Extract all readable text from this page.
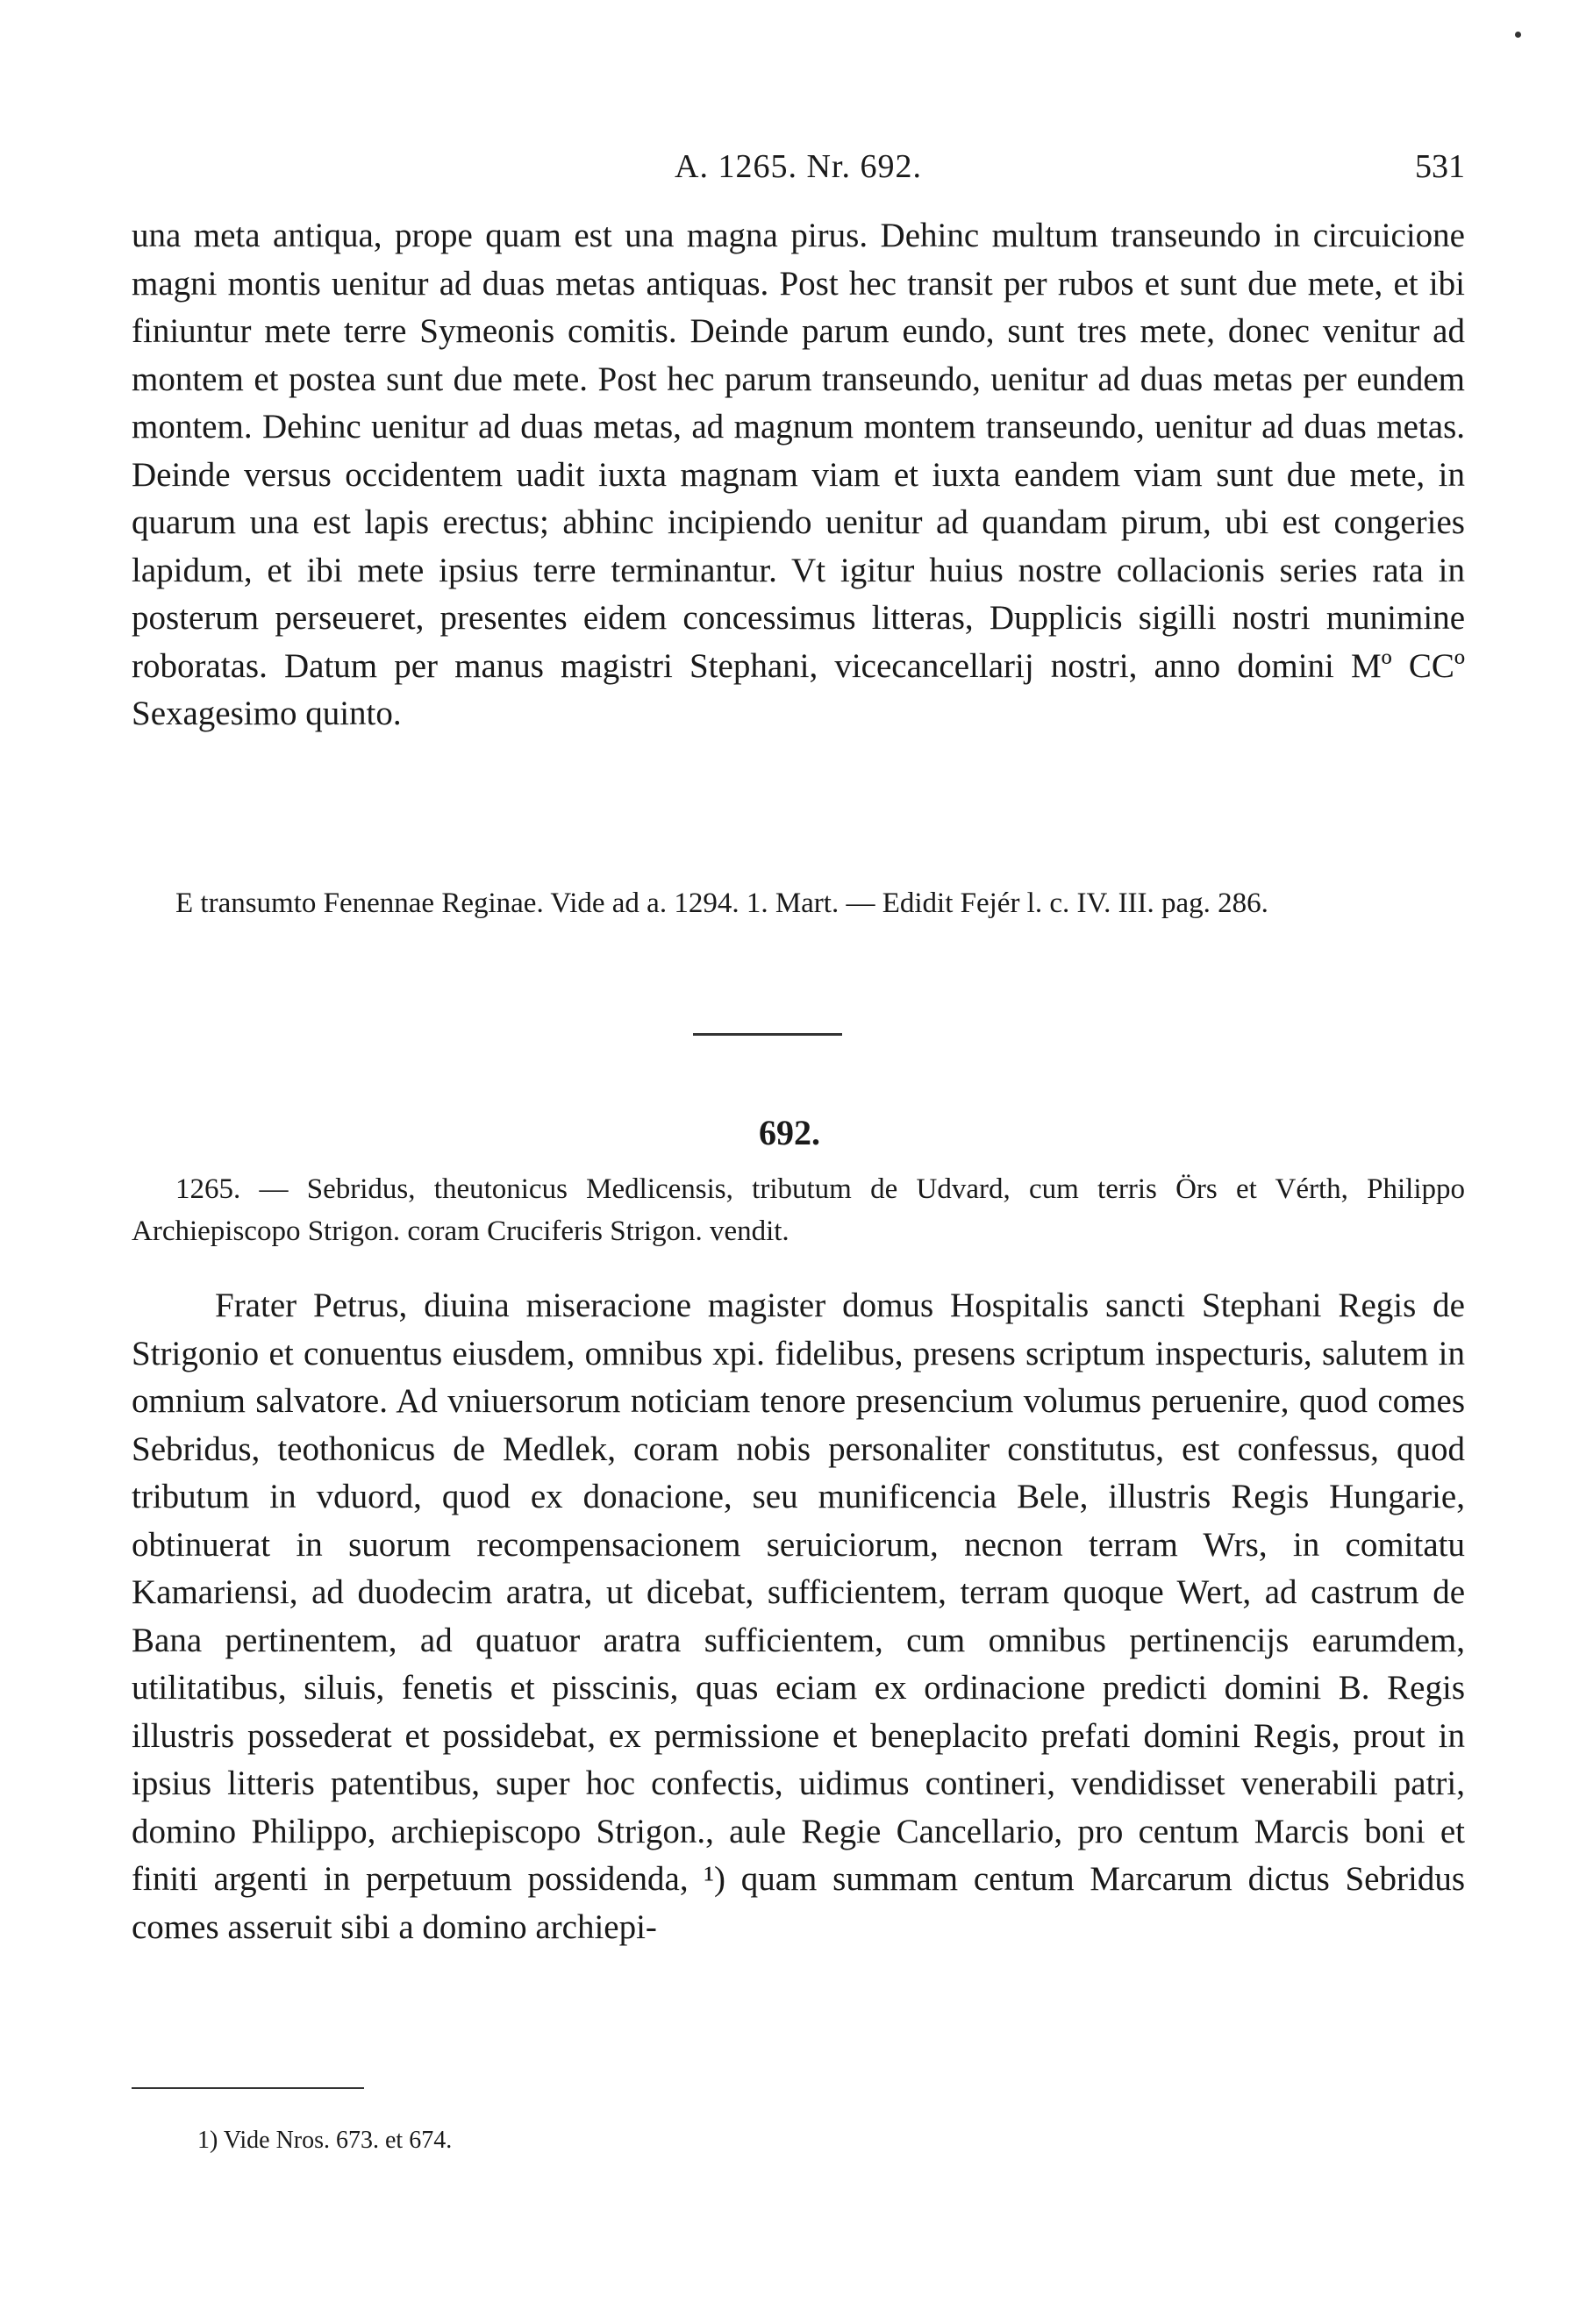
A. 1265. Nr. 692.	531
una meta antiqua, prope quam est una magna pirus. Dehinc multum transeundo in circuicione magni montis uenitur ad duas metas antiquas. Post hec transit per rubos et sunt due mete, et ibi finiuntur mete terre Symeonis comitis. Deinde parum eundo, sunt tres mete, donec venitur ad montem et postea sunt due mete. Post hec parum transeundo, uenitur ad duas metas per eundem montem. Dehinc uenitur ad duas metas, ad magnum montem transeundo, uenitur ad duas metas. Deinde versus occidentem uadit iuxta magnam viam et iuxta eandem viam sunt due mete, in quarum una est lapis erectus; abhinc incipiendo uenitur ad quandam pirum, ubi est congeries lapidum, et ibi mete ipsius terre terminantur. Vt igitur huius nostre collacionis series rata in posterum perseueret, presentes eidem concessimus litteras, Dupplicis sigilli nostri munimine roboratas. Datum per manus magistri Stephani, vicecancellarij nostri, anno domini Mº CCº Sexagesimo quinto.

E transumto Fenennae Reginae. Vide ad a. 1294. 1. Mart. — Edidit Fejér l. c. IV. III. pag. 286.

692.

1265. — Sebridus, theutonicus Medlicensis, tributum de Udvard, cum terris Örs et Vérth, Philippo Archiepiscopo Strigon. coram Cruciferis Strigon. vendit.

Frater Petrus, diuina miseracione magister domus Hospitalis sancti Stephani Regis de Strigonio et conuentus eiusdem, omnibus xpi. fidelibus, presens scriptum inspecturis, salutem in omnium salvatore. Ad vniuersorum noticiam tenore presencium volumus peruenire, quod comes Sebridus, teothonicus de Medlek, coram nobis personaliter constitutus, est confessus, quod tributum in vduord, quod ex donacione, seu munificencia Bele, illustris Regis Hungarie, obtinuerat in suorum recompensacionem seruiciorum, necnon terram Wrs, in comitatu Kamariensi, ad duodecim aratra, ut dicebat, sufficientem, terram quoque Wert, ad castrum de Bana pertinentem, ad quatuor aratra sufficientem, cum omnibus pertinencijs earumdem, utilitatibus, siluis, fenetis et pisscinis, quas eciam ex ordinacione predicti domini B. Regis illustris possederat et possidebat, ex permissione et beneplacito prefati domini Regis, prout in ipsius litteris patentibus, super hoc confectis, uidimus contineri, vendidisset venerabili patri, domino Philippo, archiepiscopo Strigon., aule Regie Cancellario, pro centum Marcis boni et finiti argenti in perpetuum possidenda, ¹) quam summam centum Marcarum dictus Sebridus comes asseruit sibi a domino archiepi-

1) Vide Nros. 673. et 674.
